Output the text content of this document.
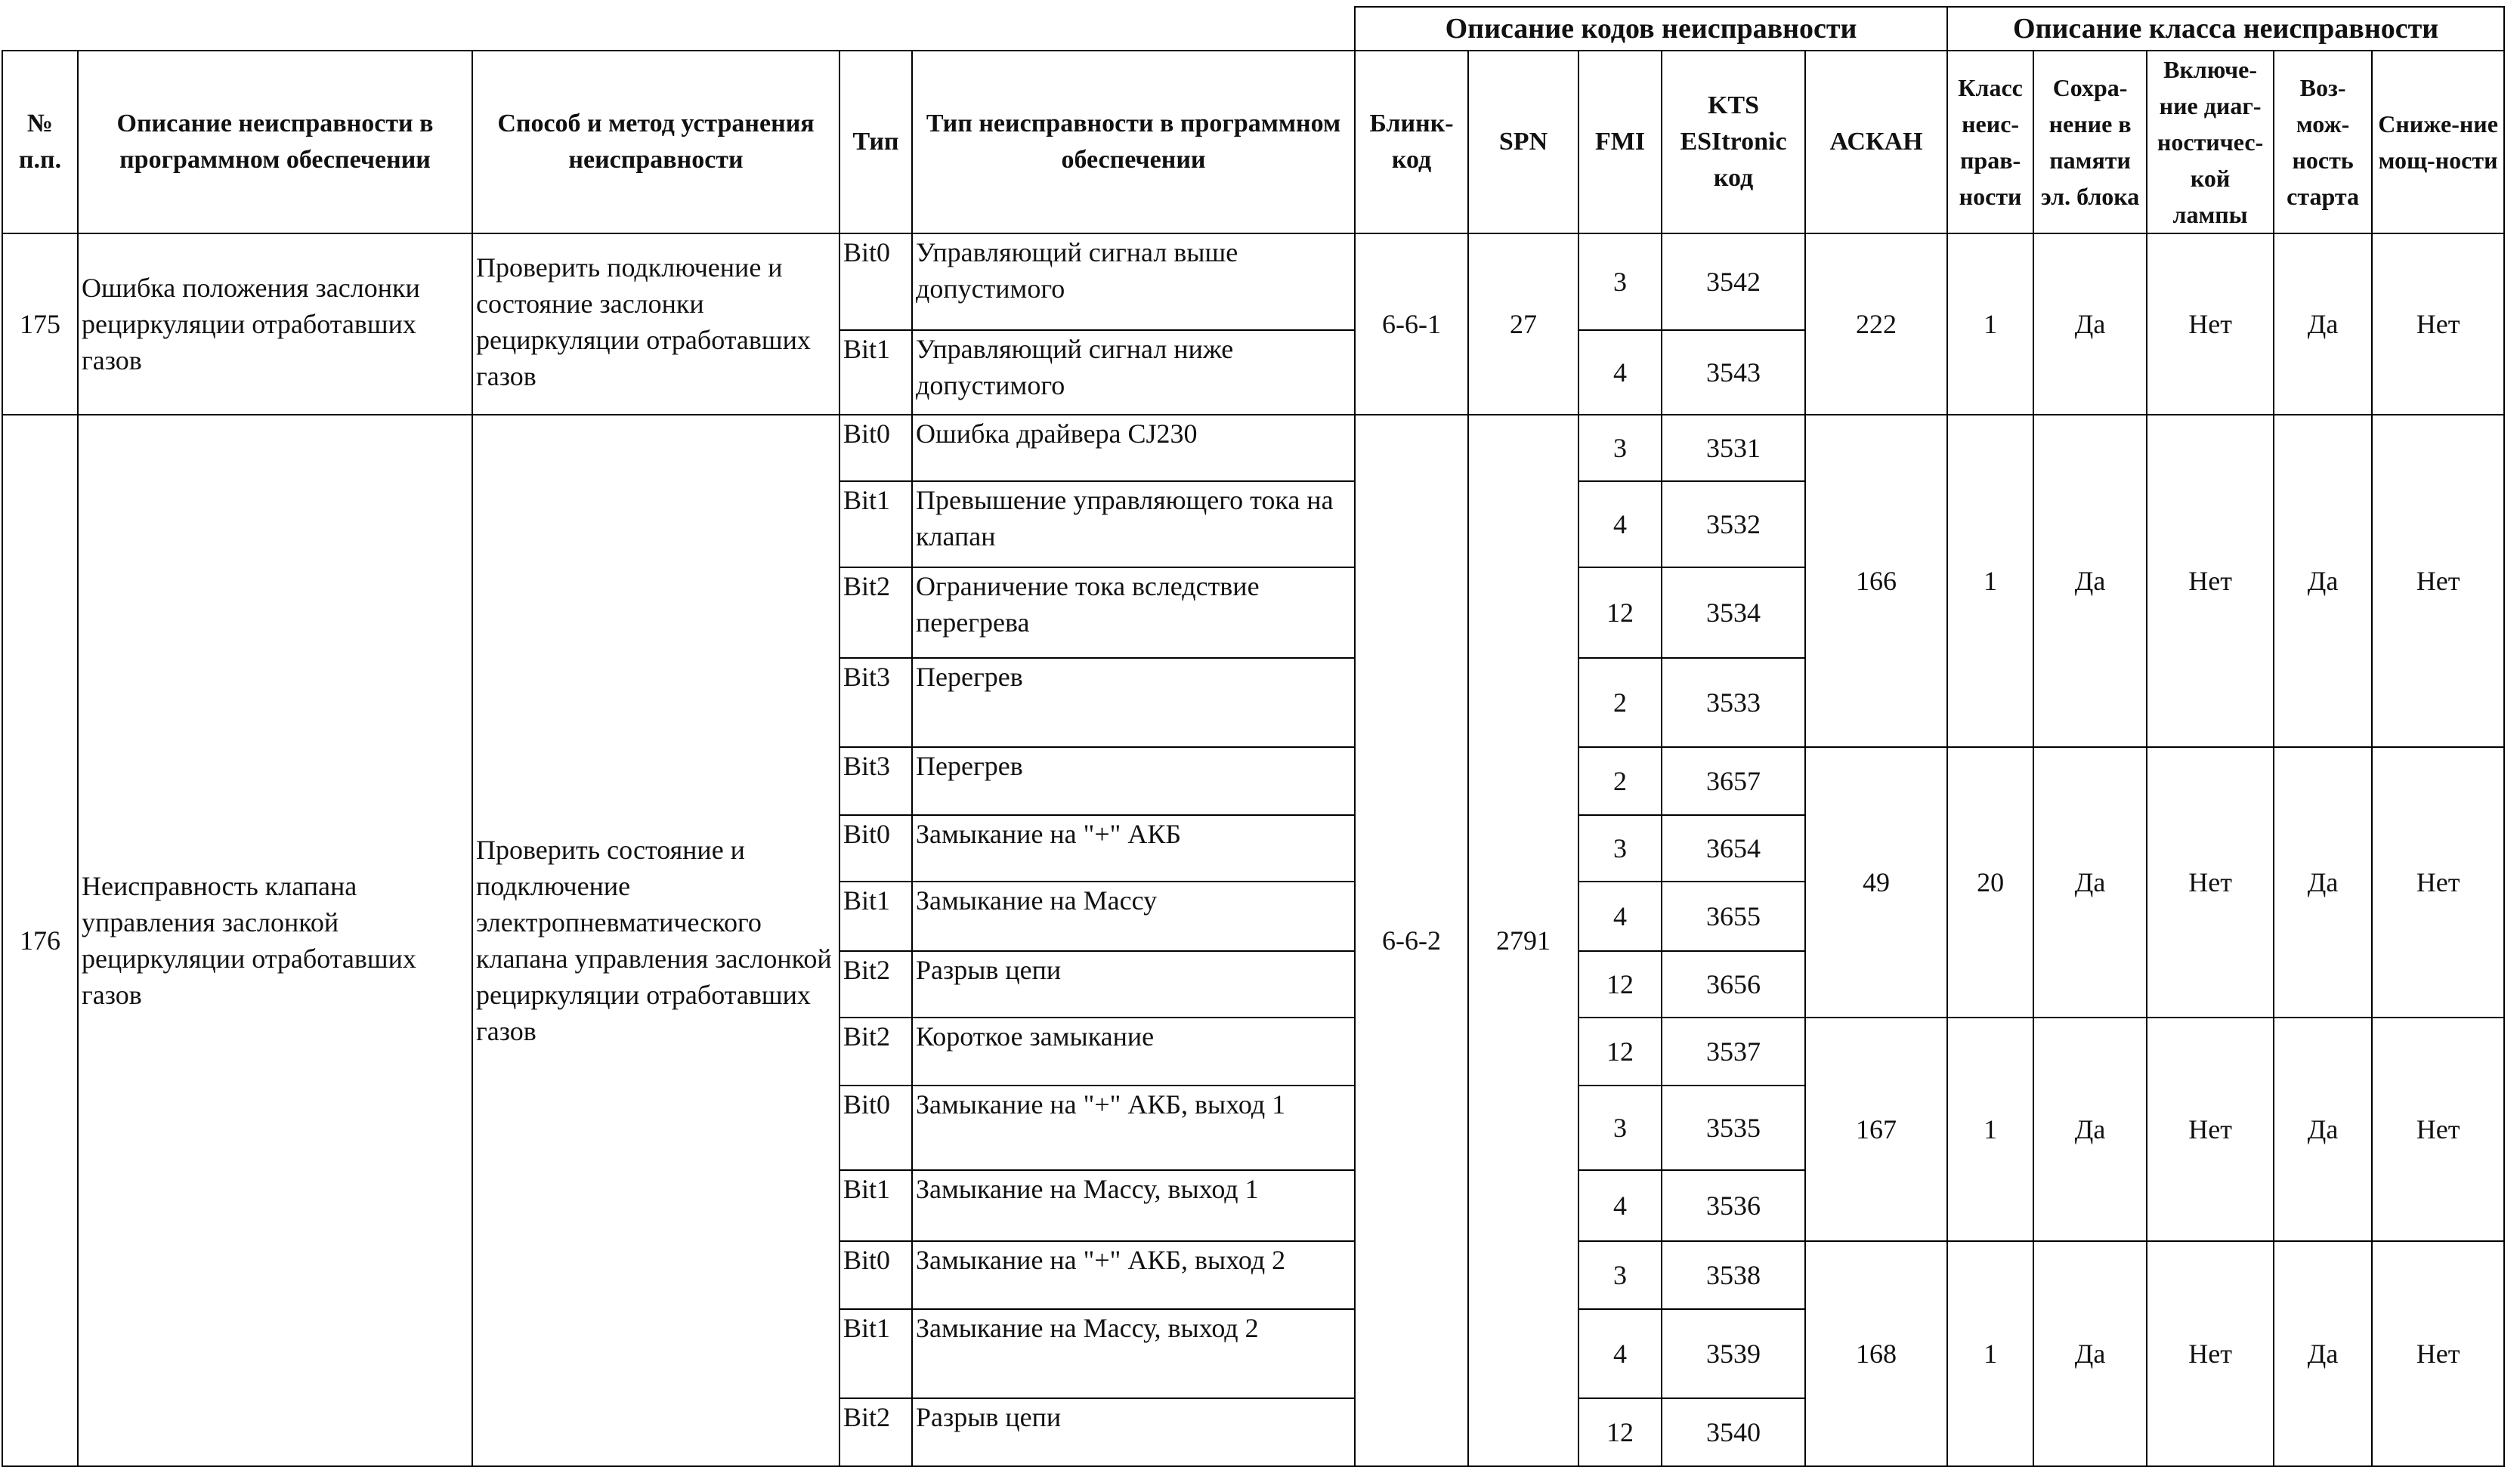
					Описание кодов неисправности					Описание класса неисправности				
№ п.п.	Описание неисправности в программном обеспечении	Способ и метод устранения неисправности	Тип	Тип неисправности в программном обеспечении	Блинк-код	SPN	FMI	KTS ESItronic код	АСКАН	Класс неис-прав-ности	Сохра-нение в памяти эл. блока	Включе-ние диаг-ностичес-кой лампы	Воз-мож-ность старта	Сниже-ние мощ-ности
175	Ошибка положения заслонки рециркуляции отработавших газов	Проверить подключение и состояние заслонки рециркуляции отработавших газов	Bit0	Управляющий сигнал выше допустимого	6-6-1	27	3	3542	222	1	Да	Нет	Да	Нет
			Bit1	Управляющий сигнал ниже допустимого			4	3543						
176	Неисправность клапана управления заслонкой рециркуляции отработавших газов	Проверить состояние и подключение электропневматического клапана управления заслонкой рециркуляции отработавших газов	Bit0	Ошибка драйвера CJ230	6-6-2	2791	3	3531	166	1	Да	Нет	Да	Нет
			Bit1	Превышение управляющего тока на клапан			4	3532						
			Bit2	Ограничение тока вследствие перегрева			12	3534						
			Bit3	Перегрев			2	3533						
			Bit3	Перегрев			2	3657	49	20	Да	Нет	Да	Нет
			Bit0	Замыкание на "+" АКБ			3	3654						
			Bit1	Замыкание на Массу			4	3655						
			Bit2	Разрыв цепи			12	3656						
			Bit2	Короткое замыкание			12	3537	167	1	Да	Нет	Да	Нет
			Bit0	Замыкание на "+" АКБ, выход 1			3	3535						
			Bit1	Замыкание на Массу, выход 1			4	3536						
			Bit0	Замыкание на "+" АКБ, выход 2			3	3538	168	1	Да	Нет	Да	Нет
			Bit1	Замыкание на Массу, выход 2			4	3539						
			Bit2	Разрыв цепи			12	3540						
